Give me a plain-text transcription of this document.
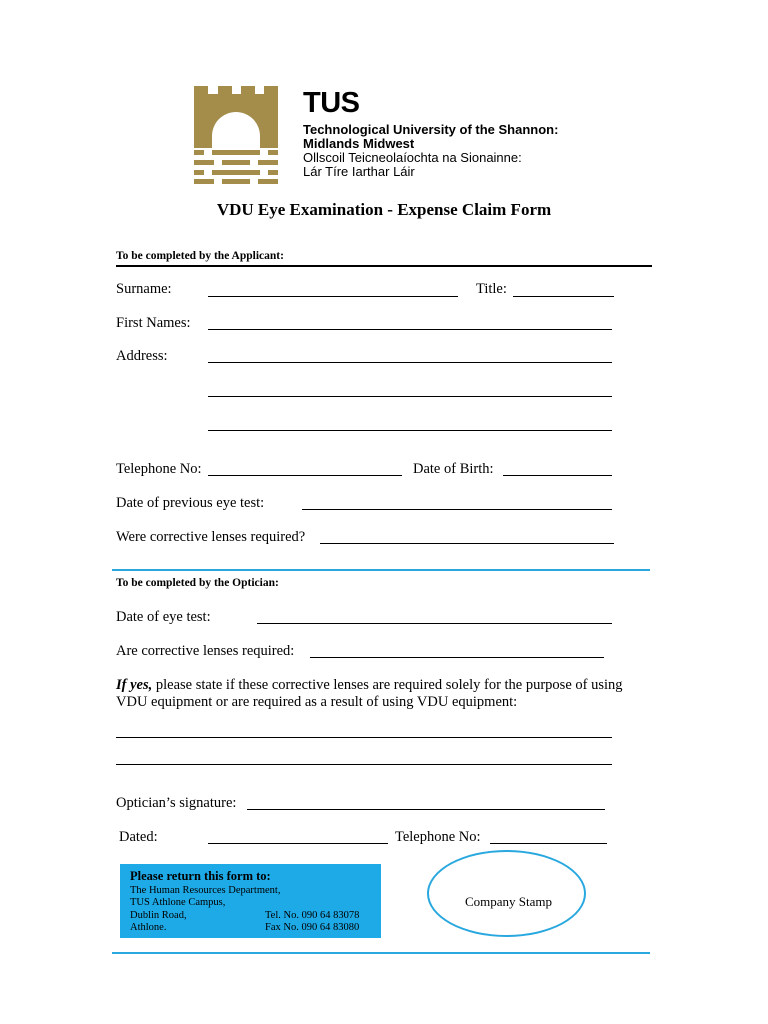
TUS
Technological University of the Shannon:
Midlands Midwest
Ollscoil Teicneolaíochta na Sionainne:
Lár Tíre Iarthar Láir
VDU Eye Examination - Expense Claim Form
To be completed by the Applicant:
Surname:	Title:
First Names:
Address:
Telephone No:	Date of Birth:
Date of previous eye test:
Were corrective lenses required?
To be completed by the Optician:
Date of eye test:
Are corrective lenses required:
If yes, please state if these corrective lenses are required solely for the purpose of using VDU equipment or are required as a result of using VDU equipment:
Optician’s signature:
Dated:	Telephone No:
Please return this form to:
The Human Resources Department,
TUS Athlone Campus,
Dublin Road,
Athlone.
Tel. No. 090 64 83078
Fax No. 090 64 83080
Company Stamp
